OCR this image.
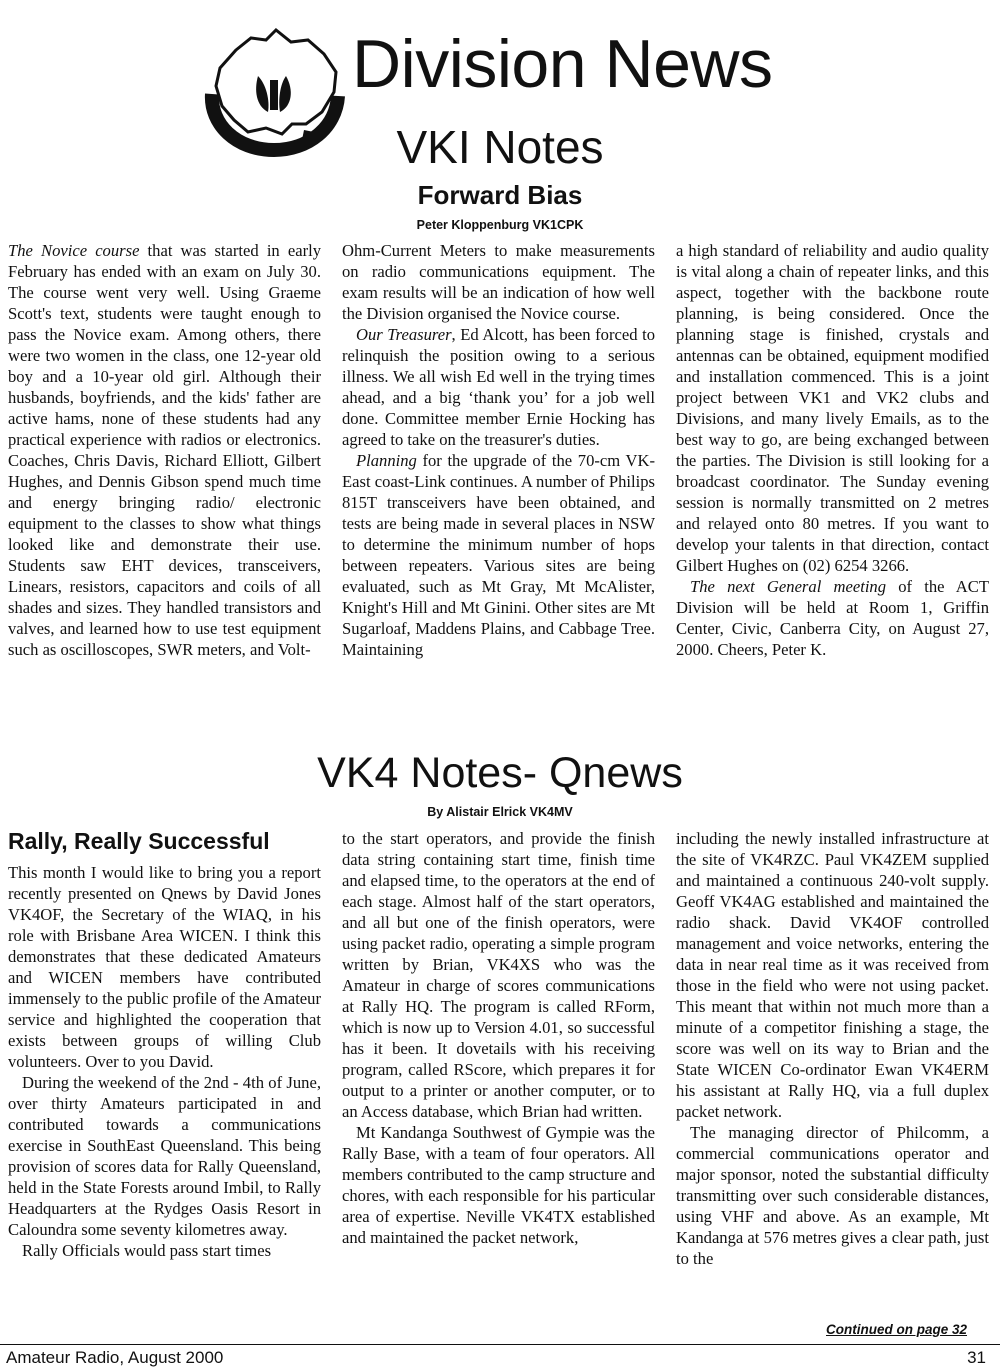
Division News
VKI Notes
Forward Bias
Peter Kloppenburg VK1CPK

The Novice course that was started in early February has ended with an exam on July 30. The course went very well. Using Graeme Scott's text, students were taught enough to pass the Novice exam. Among others, there were two women in the class, one 12-year old boy and a 10-year old girl. Although their husbands, boyfriends, and the kids' father are active hams, none of these students had any practical experience with radios or electronics. Coaches, Chris Davis, Richard Elliott, Gilbert Hughes, and Dennis Gibson spend much time and energy bringing radio/ electronic equipment to the classes to show what things looked like and demonstrate their use. Students saw EHT devices, transceivers, Linears, resistors, capacitors and coils of all shades and sizes. They handled transistors and valves, and learned how to use test equipment such as oscilloscopes, SWR meters, and Volt-

Ohm-Current Meters to make measurements on radio communications equipment. The exam results will be an indication of how well the Division organised the Novice course.

Our Treasurer, Ed Alcott, has been forced to relinquish the position owing to a serious illness. We all wish Ed well in the trying times ahead, and a big ‘thank you’ for a job well done. Committee member Ernie Hocking has agreed to take on the treasurer's duties.

Planning for the upgrade of the 70-cm VK-East coast-Link continues. A number of Philips 815T transceivers have been obtained, and tests are being made in several places in NSW to determine the minimum number of hops between repeaters. Various sites are being evaluated, such as Mt Gray, Mt McAlister, Knight's Hill and Mt Ginini. Other sites are Mt Sugarloaf, Maddens Plains, and Cabbage Tree. Maintaining

a high standard of reliability and audio quality is vital along a chain of repeater links, and this aspect, together with the backbone route planning, is being considered. Once the planning stage is finished, crystals and antennas can be obtained, equipment modified and installation commenced. This is a joint project between VK1 and VK2 clubs and Divisions, and many lively Emails, as to the best way to go, are being exchanged between the parties. The Division is still looking for a broadcast coordinator. The Sunday evening session is normally transmitted on 2 metres and relayed onto 80 metres. If you want to develop your talents in that direction, contact Gilbert Hughes on (02) 6254 3266.

The next General meeting of the ACT Division will be held at Room 1, Griffin Center, Civic, Canberra City, on August 27, 2000. Cheers, Peter K.

VK4 Notes- Qnews
By Alistair Elrick VK4MV
Rally, Really Successful

This month I would like to bring you a report recently presented on Qnews by David Jones VK4OF, the Secretary of the WIAQ, in his role with Brisbane Area WICEN. I think this demonstrates that these dedicated Amateurs and WICEN members have contributed immensely to the public profile of the Amateur service and highlighted the cooperation that exists between groups of willing Club volunteers. Over to you David.

During the weekend of the 2nd - 4th of June, over thirty Amateurs participated in and contributed towards a communications exercise in SouthEast Queensland. This being provision of scores data for Rally Queensland, held in the State Forests around Imbil, to Rally Headquarters at the Rydges Oasis Resort in Caloundra some seventy kilometres away.

Rally Officials would pass start times

to the start operators, and provide the finish data string containing start time, finish time and elapsed time, to the operators at the end of each stage. Almost half of the start operators, and all but one of the finish operators, were using packet radio, operating a simple program written by Brian, VK4XS who was the Amateur in charge of scores communications at Rally HQ. The program is called RForm, which is now up to Version 4.01, so successful has it been. It dovetails with his receiving program, called RScore, which prepares it for output to a printer or another computer, or to an Access database, which Brian had written.

Mt Kandanga Southwest of Gympie was the Rally Base, with a team of four operators. All members contributed to the camp structure and chores, with each responsible for his particular area of expertise. Neville VK4TX established and maintained the packet network,

including the newly installed infrastructure at the site of VK4RZC. Paul VK4ZEM supplied and maintained a continuous 240-volt supply. Geoff VK4AG established and maintained the radio shack. David VK4OF controlled management and voice networks, entering the data in near real time as it was received from those in the field who were not using packet. This meant that within not much more than a minute of a competitor finishing a stage, the score was well on its way to Brian and the State WICEN Co-ordinator Ewan VK4ERM his assistant at Rally HQ, via a full duplex packet network.

The managing director of Philcomm, a commercial communications operator and major sponsor, noted the substantial difficulty transmitting over such considerable distances, using VHF and above. As an example, Mt Kandanga at 576 metres gives a clear path, just to the

Continued on page 32
Amateur Radio, August 2000	31
